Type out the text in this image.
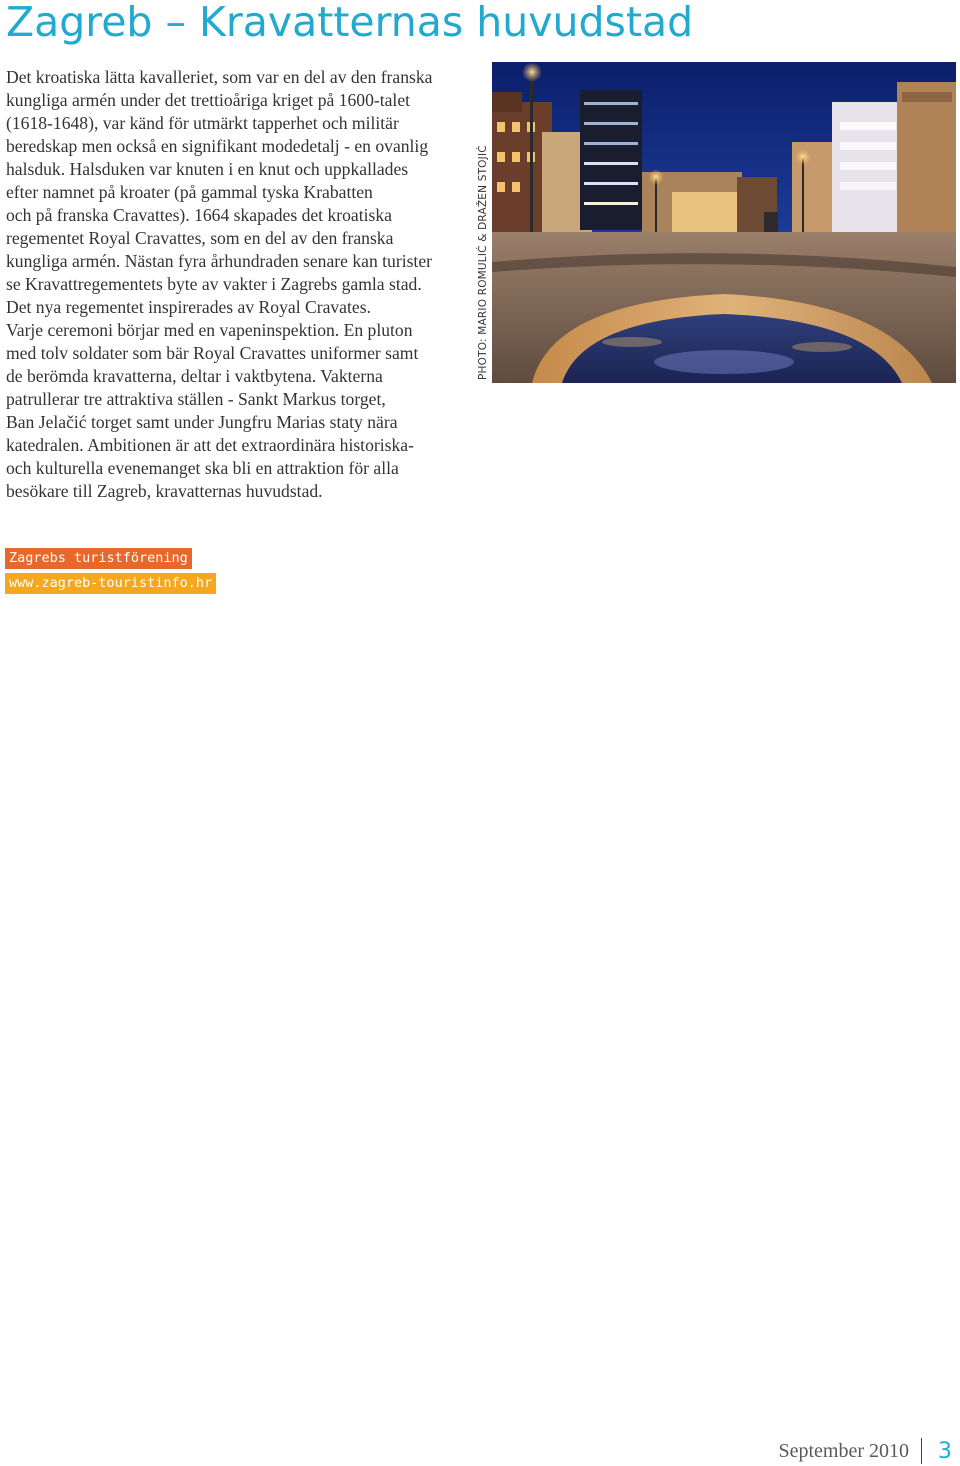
Zagreb – Kravatternas huvudstad
Det kroatiska lätta kavalleriet, som var en del av den franska
kungliga armén under det trettioåriga kriget på 1600-talet
(1618-1648), var känd för utmärkt tapperhet och militär
beredskap men också en signifikant modedetalj - en ovanlig
halsduk. Halsduken var knuten i en knut och uppkallades
efter namnet på kroater (på gammal tyska Krabatten
och på franska Cravattes). 1664 skapades det kroatiska
regementet Royal Cravattes, som en del av den franska
kungliga armén. Nästan fyra århundraden senare kan turister
se Kravattregementets byte av vakter i Zagrebs gamla stad.
Det nya regementet inspirerades av Royal Cravates.
Varje ceremoni börjar med en vapeninspektion. En pluton
med tolv soldater som bär Royal Cravattes uniformer samt
de berömda kravatterna, deltar i vaktbytena. Vakterna
patrullerar tre attraktiva ställen - Sankt Markus torget,
Ban Jelačić torget samt under Jungfru Marias staty nära
katedralen. Ambitionen är att det extraordinära historiska-
och kulturella evenemanget ska bli en attraktion för alla
besökare till Zagreb, kravatternas huvudstad.
PHOTO: MARIO ROMULIĆ & DRAŽEN STOJIĆ
Zagrebs turistförening
www.zagreb-touristinfo.hr
September 2010 3
